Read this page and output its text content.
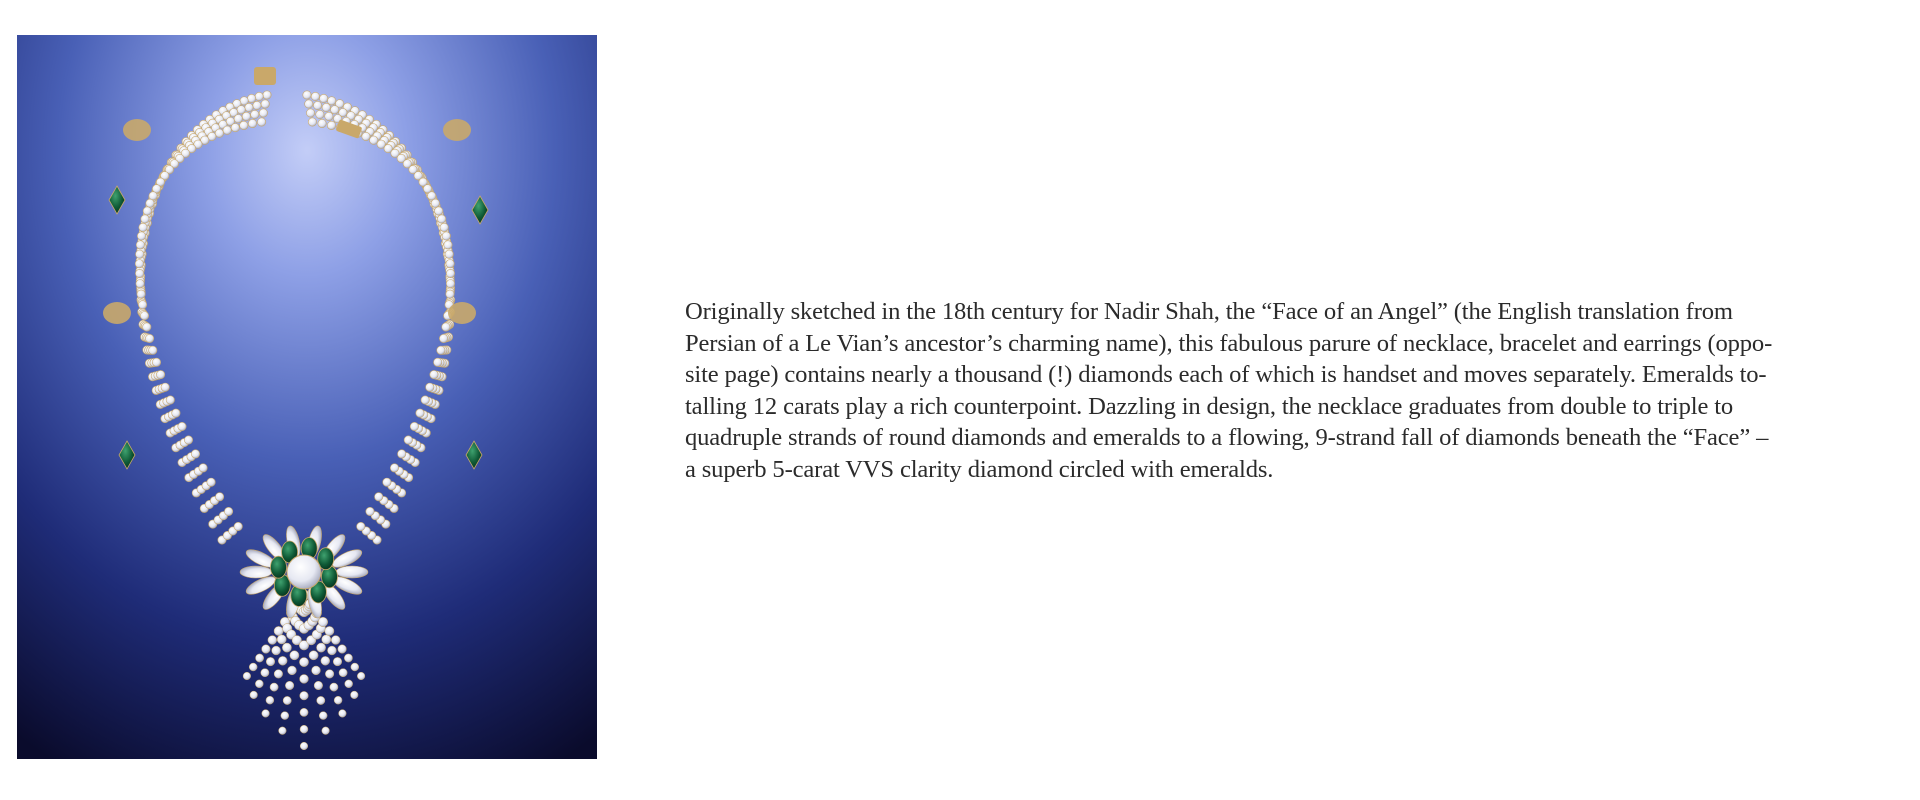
Originally sketched in the 18th century for Nadir Shah, the “Face of an Angel” (the English translation from
Persian of a Le Vian’s ancestor’s charming name), this fabulous parure of necklace, bracelet and earrings (oppo-
site page) contains nearly a thousand (!) diamonds each of which is handset and moves separately. Emeralds to-
talling 12 carats play a rich counterpoint. Dazzling in design, the necklace graduates from double to triple to
quadruple strands of round diamonds and emeralds to a flowing, 9-strand fall of diamonds beneath the “Face” –
a superb 5-carat VVS clarity diamond circled with emeralds.
